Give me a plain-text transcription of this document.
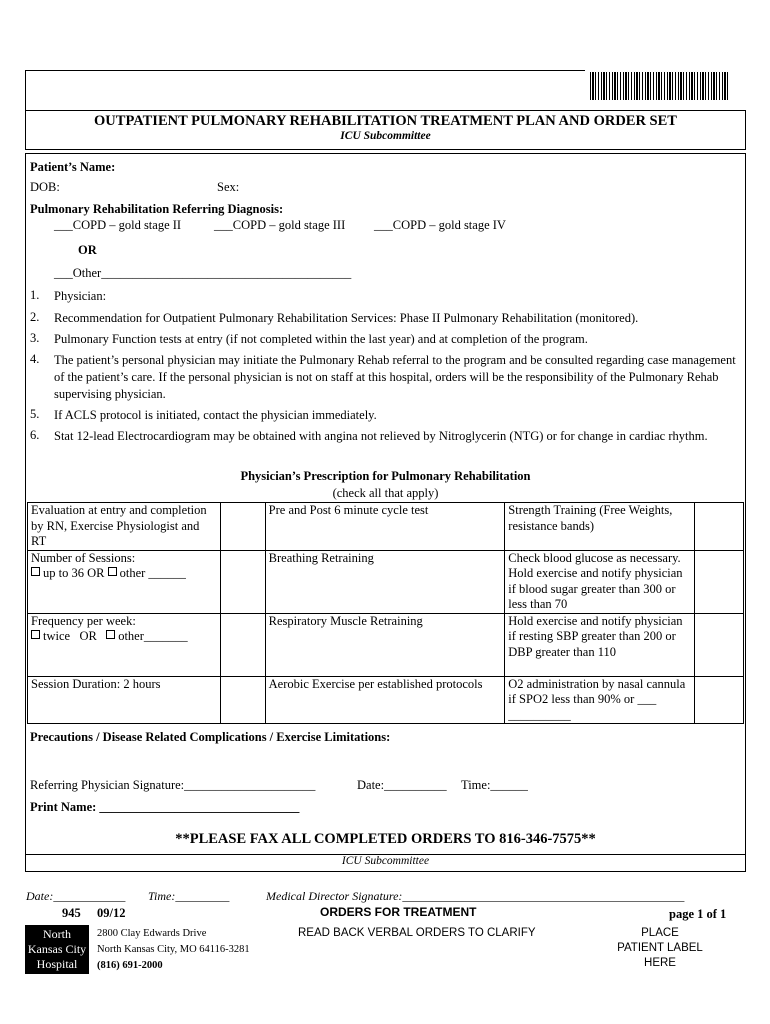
OUTPATIENT PULMONARY REHABILITATION TREATMENT PLAN AND ORDER SET
ICU Subcommittee
Patient’s Name:
DOB:	Sex:
Pulmonary Rehabilitation Referring Diagnosis:
___COPD – gold stage II	___COPD – gold stage III ___COPD – gold stage IV
OR
___Other________________________________________
1. Physician:
2. Recommendation for Outpatient Pulmonary Rehabilitation Services: Phase II Pulmonary Rehabilitation (monitored).
3. Pulmonary Function tests at entry (if not completed within the last year) and at completion of the program.
4. The patient’s personal physician may initiate the Pulmonary Rehab referral to the program and be consulted regarding case management of the patient’s care. If the personal physician is not on staff at this hospital, orders will be the responsibility of the Pulmonary Rehab supervising physician.
5. If ACLS protocol is initiated, contact the physician immediately.
6. Stat 12-lead Electrocardiogram may be obtained with angina not relieved by Nitroglycerin (NTG) or for change in cardiac rhythm.
Physician’s Prescription for Pulmonary Rehabilitation
(check all that apply)
Evaluation at entry and completion by RN, Exercise Physiologist and RT		Pre and Post 6 minute cycle test	Strength Training (Free Weights, resistance bands)	

Number of Sessions:
up to 36 OR other ______		Breathing Retraining	Check blood glucose as necessary. Hold exercise and notify physician if blood sugar greater than 300 or less than 70	

Frequency per week:
twice OR other_______		Respiratory Muscle Retraining	Hold exercise and notify physician if resting SBP greater than 200 or DBP greater than 110	
Session Duration: 2 hours		Aerobic Exercise per established protocols	O2 administration by nasal cannula if SPO2 less than 90% or ___ __________	
Precautions / Disease Related Complications / Exercise Limitations:
Referring Physician Signature:_____________________	Date:__________ Time:______
Print Name: ________________________________
**PLEASE FAX ALL COMPLETED ORDERS TO 816-346-7575**
ICU Subcommittee
Date:____________ Time:_________	Medical Director Signature:_______________________________________________
945 09/12	ORDERS FOR TREATMENT	page 1 of 1
North
Kansas City
Hospital
2800 Clay Edwards Drive
North Kansas City, MO 64116-3281
(816) 691-2000
READ BACK VERBAL ORDERS TO CLARIFY	PLACE
PATIENT LABEL
HERE
